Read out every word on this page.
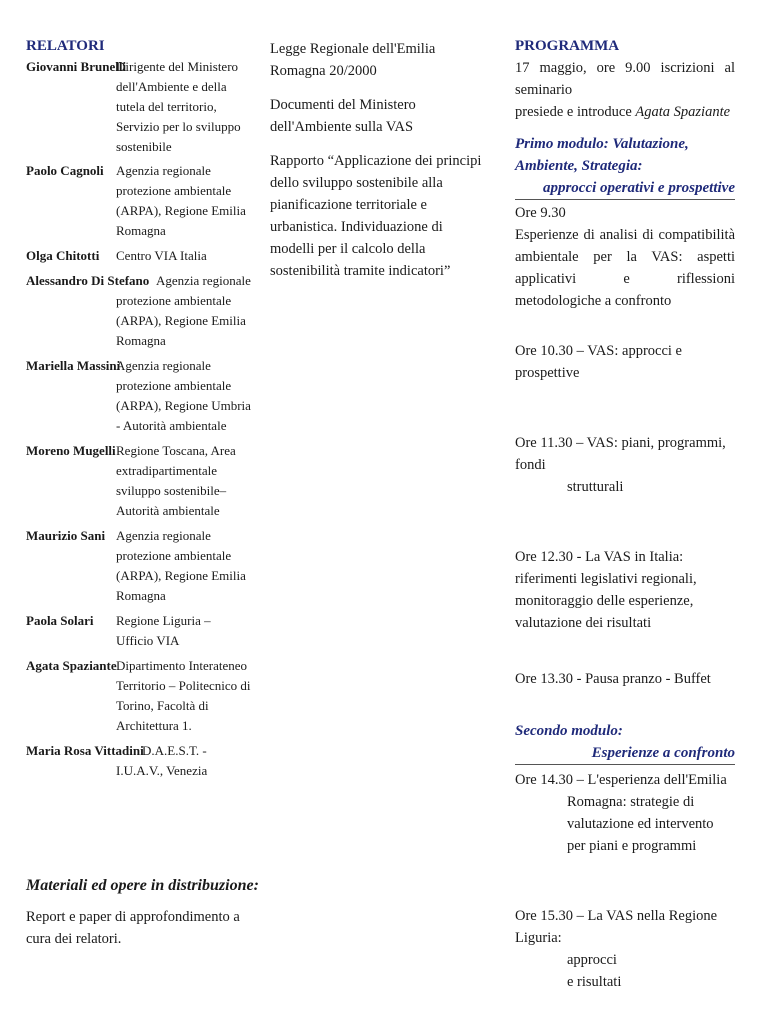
RELATORI
Giovanni Brunelli
Dirigente del Ministero dell'Ambiente e della tutela del territorio, Servizio per lo sviluppo sostenibile
Paolo Cagnoli Agenzia regionale protezione ambientale (ARPA), Regione Emilia Romagna
Olga Chitotti	Centro VIA Italia
Alessandro Di Stefano Agenzia regionale protezione ambientale (ARPA), Regione Emilia Romagna
Mariella Massini
Agenzia regionale protezione ambientale (ARPA), Regione Umbria - Autorità ambientale
Moreno Mugelli Regione Toscana, Area extradipartimentale sviluppo sostenibile– Autorità ambientale
Maurizio Sani Agenzia regionale protezione ambientale (ARPA), Regione Emilia Romagna
Paola Solari	Regione Liguria – Ufficio VIA
Agata Spaziante Dipartimento Interateneo Territorio – Politecnico di Torino, Facoltà di Architettura 1.
Maria Rosa Vittadini
D.A.E.S.T. - I.U.A.V., Venezia
Materiali ed opere in distribuzione:
Report e paper di approfondimento a cura dei relatori.

Legge Regionale dell'Emilia Romagna 20/2000

Documenti del Ministero dell'Ambiente sulla VAS

Rapporto “Applicazione dei principi dello sviluppo sostenibile alla pianificazione territoriale e urbanistica. Individuazione di modelli per il calcolo della sostenibilità tramite indicatori”

PROGRAMMA

17 maggio, ore 9.00 iscrizioni al seminario

presiede e introduce Agata Spaziante

Primo modulo: Valutazione, Ambiente, Strategia:
approcci operativi e prospettive

Ore 9.30

Esperienze di analisi di compatibilità ambientale per la VAS: aspetti applicativi e riflessioni metodologiche a confronto

Ore 10.30 – VAS: approcci e prospettive

Ore 11.30 – VAS: piani, programmi, fondi
strutturali

Ore 12.30 - La VAS in Italia: riferimenti legislativi regionali, monitoraggio delle esperienze, valutazione dei risultati

Ore 13.30 - Pausa pranzo - Buffet

Secondo modulo:
Esperienze a confronto

Ore 14.30 – L'esperienza dell'Emilia
Romagna: strategie di valutazione ed intervento per piani e programmi

Ore 15.30 – La VAS nella Regione Liguria:
approcci
e risultati
